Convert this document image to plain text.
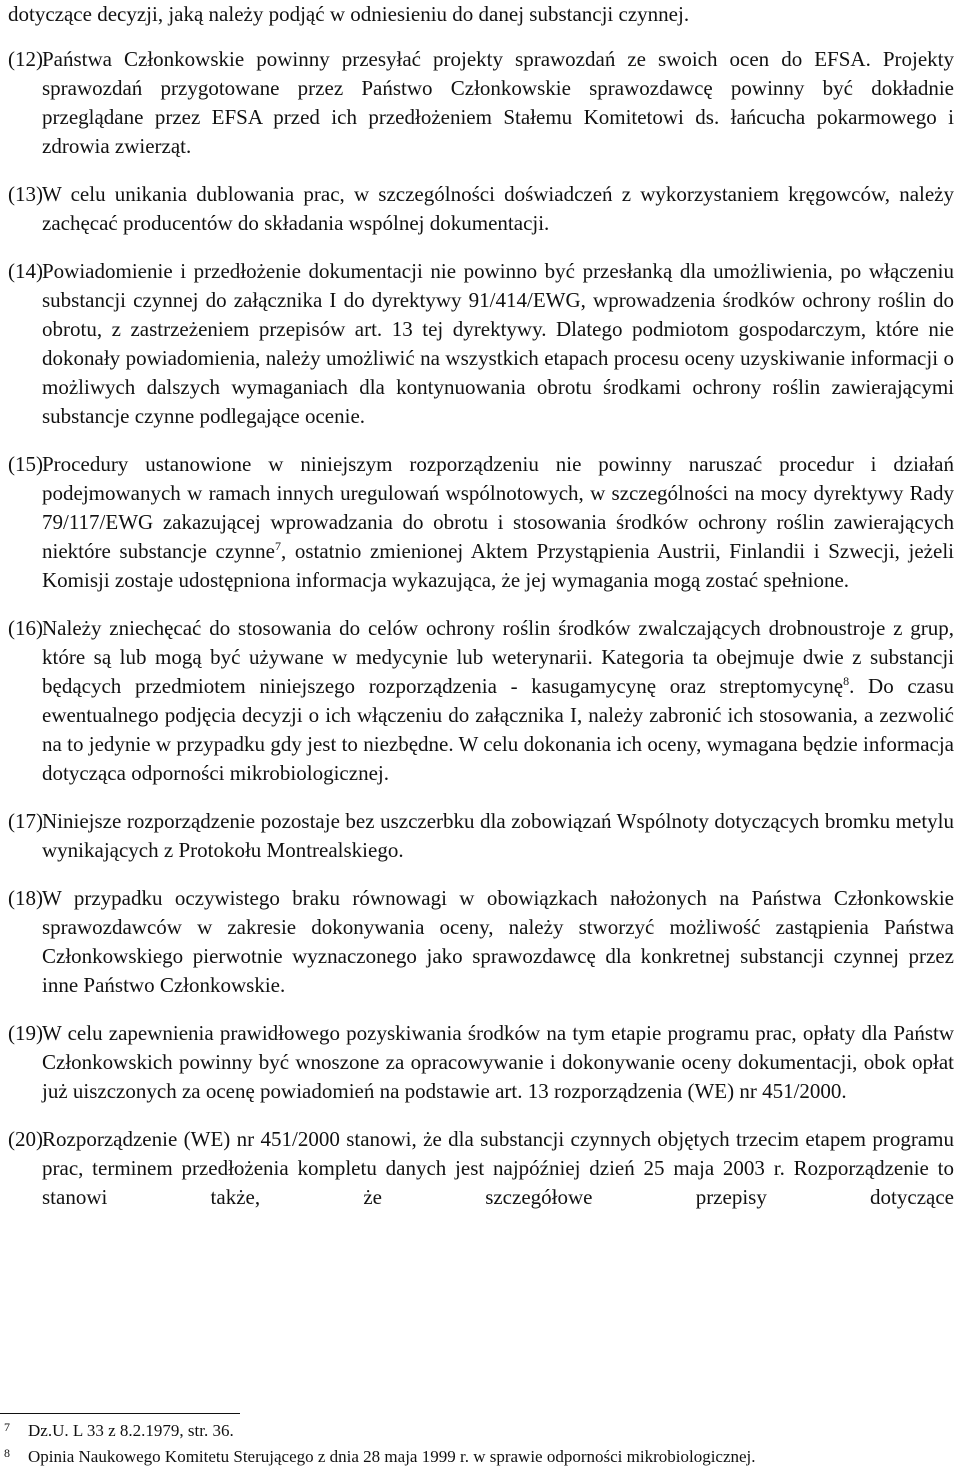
dotyczące decyzji, jaką należy podjąć w odniesieniu do danej substancji czynnej.

(12) Państwa Członkowskie powinny przesyłać projekty sprawozdań ze swoich ocen do EFSA. Projekty sprawozdań przygotowane przez Państwo Członkowskie sprawozdawcę powinny być dokładnie przeglądane przez EFSA przed ich przedłożeniem Stałemu Komitetowi ds. łańcucha pokarmowego i zdrowia zwierząt.

(13) W celu unikania dublowania prac, w szczególności doświadczeń z wykorzystaniem kręgowców, należy zachęcać producentów do składania wspólnej dokumentacji.

(14) Powiadomienie i przedłożenie dokumentacji nie powinno być przesłanką dla umożliwienia, po włączeniu substancji czynnej do załącznika I do dyrektywy 91/414/EWG, wprowadzenia środków ochrony roślin do obrotu, z zastrzeżeniem przepisów art. 13 tej dyrektywy. Dlatego podmiotom gospodarczym, które nie dokonały powiadomienia, należy umożliwić na wszystkich etapach procesu oceny uzyskiwanie informacji o możliwych dalszych wymaganiach dla kontynuowania obrotu środkami ochrony roślin zawierającymi substancje czynne podlegające ocenie.

(15) Procedury ustanowione w niniejszym rozporządzeniu nie powinny naruszać procedur i działań podejmowanych w ramach innych uregulowań wspólnotowych, w szczególności na mocy dyrektywy Rady 79/117/EWG zakazującej wprowadzania do obrotu i stosowania środków ochrony roślin zawierających niektóre substancje czynne$^7$, ostatnio zmienionej Aktem Przystąpienia Austrii, Finlandii i Szwecji, jeżeli Komisji zostaje udostępniona informacja wykazująca, że jej wymagania mogą zostać spełnione.

(16) Należy zniechęcać do stosowania do celów ochrony roślin środków zwalczających drobnoustroje z grup, które są lub mogą być używane w medycynie lub weterynarii. Kategoria ta obejmuje dwie z substancji będących przedmiotem niniejszego rozporządzenia - kasugamycynę oraz streptomycynę$^8$. Do czasu ewentualnego podjęcia decyzji o ich włączeniu do załącznika I, należy zabronić ich stosowania, a zezwolić na to jedynie w przypadku gdy jest to niezbędne. W celu dokonania ich oceny, wymagana będzie informacja dotycząca odporności mikrobiologicznej.

(17) Niniejsze rozporządzenie pozostaje bez uszczerbku dla zobowiązań Wspólnoty dotyczących bromku metylu wynikających z Protokołu Montrealskiego.

(18) W przypadku oczywistego braku równowagi w obowiązkach nałożonych na Państwa Członkowskie sprawozdawców w zakresie dokonywania oceny, należy stworzyć możliwość zastąpienia Państwa Członkowskiego pierwotnie wyznaczonego jako sprawozdawcę dla konkretnej substancji czynnej przez inne Państwo Członkowskie.

(19) W celu zapewnienia prawidłowego pozyskiwania środków na tym etapie programu prac, opłaty dla Państw Członkowskich powinny być wnoszone za opracowywanie i dokonywanie oceny dokumentacji, obok opłat już uiszczonych za ocenę powiadomień na podstawie art. 13 rozporządzenia (WE) nr 451/2000.

(20) Rozporządzenie (WE) nr 451/2000 stanowi, że dla substancji czynnych objętych trzecim etapem programu prac, terminem przedłożenia kompletu danych jest najpóźniej dzień 25 maja 2003 r. Rozporządzenie to stanowi także, że szczegółowe przepisy dotyczące

7 Dz.U. L 33 z 8.2.1979, str. 36.
8 Opinia Naukowego Komitetu Sterującego z dnia 28 maja 1999 r. w sprawie odporności mikrobiologicznej.
